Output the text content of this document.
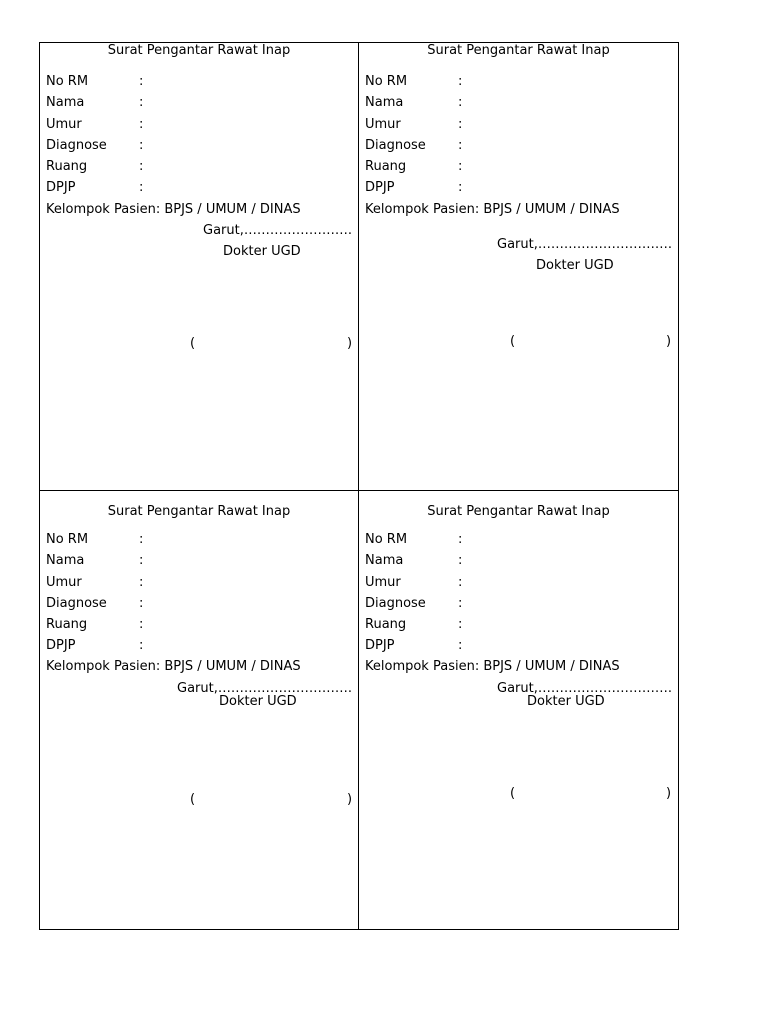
Surat Pengantar Rawat Inap
No RM	:
Nama	:
Umur	:
Diagnose :
Ruang	:
DPJP	:
Kelompok Pasien: BPJS / UMUM / DINAS
Garut,…………………….
Dokter UGD
(	)
Surat Pengantar Rawat Inap
No RM	:
Nama	:
Umur	:
Diagnose :
Ruang	:
DPJP	:
Kelompok Pasien: BPJS / UMUM / DINAS
Garut,………………………….
Dokter UGD
(	)
Surat Pengantar Rawat Inap
No RM	:
Nama	:
Umur	:
Diagnose :
Ruang	:
DPJP	:
Kelompok Pasien: BPJS / UMUM / DINAS
Garut,………………………….
Dokter UGD
(	)
Surat Pengantar Rawat Inap
No RM	:
Nama	:
Umur	:
Diagnose :
Ruang	:
DPJP	:
Kelompok Pasien: BPJS / UMUM / DINAS
Garut,………………………….
Dokter UGD
(	)
